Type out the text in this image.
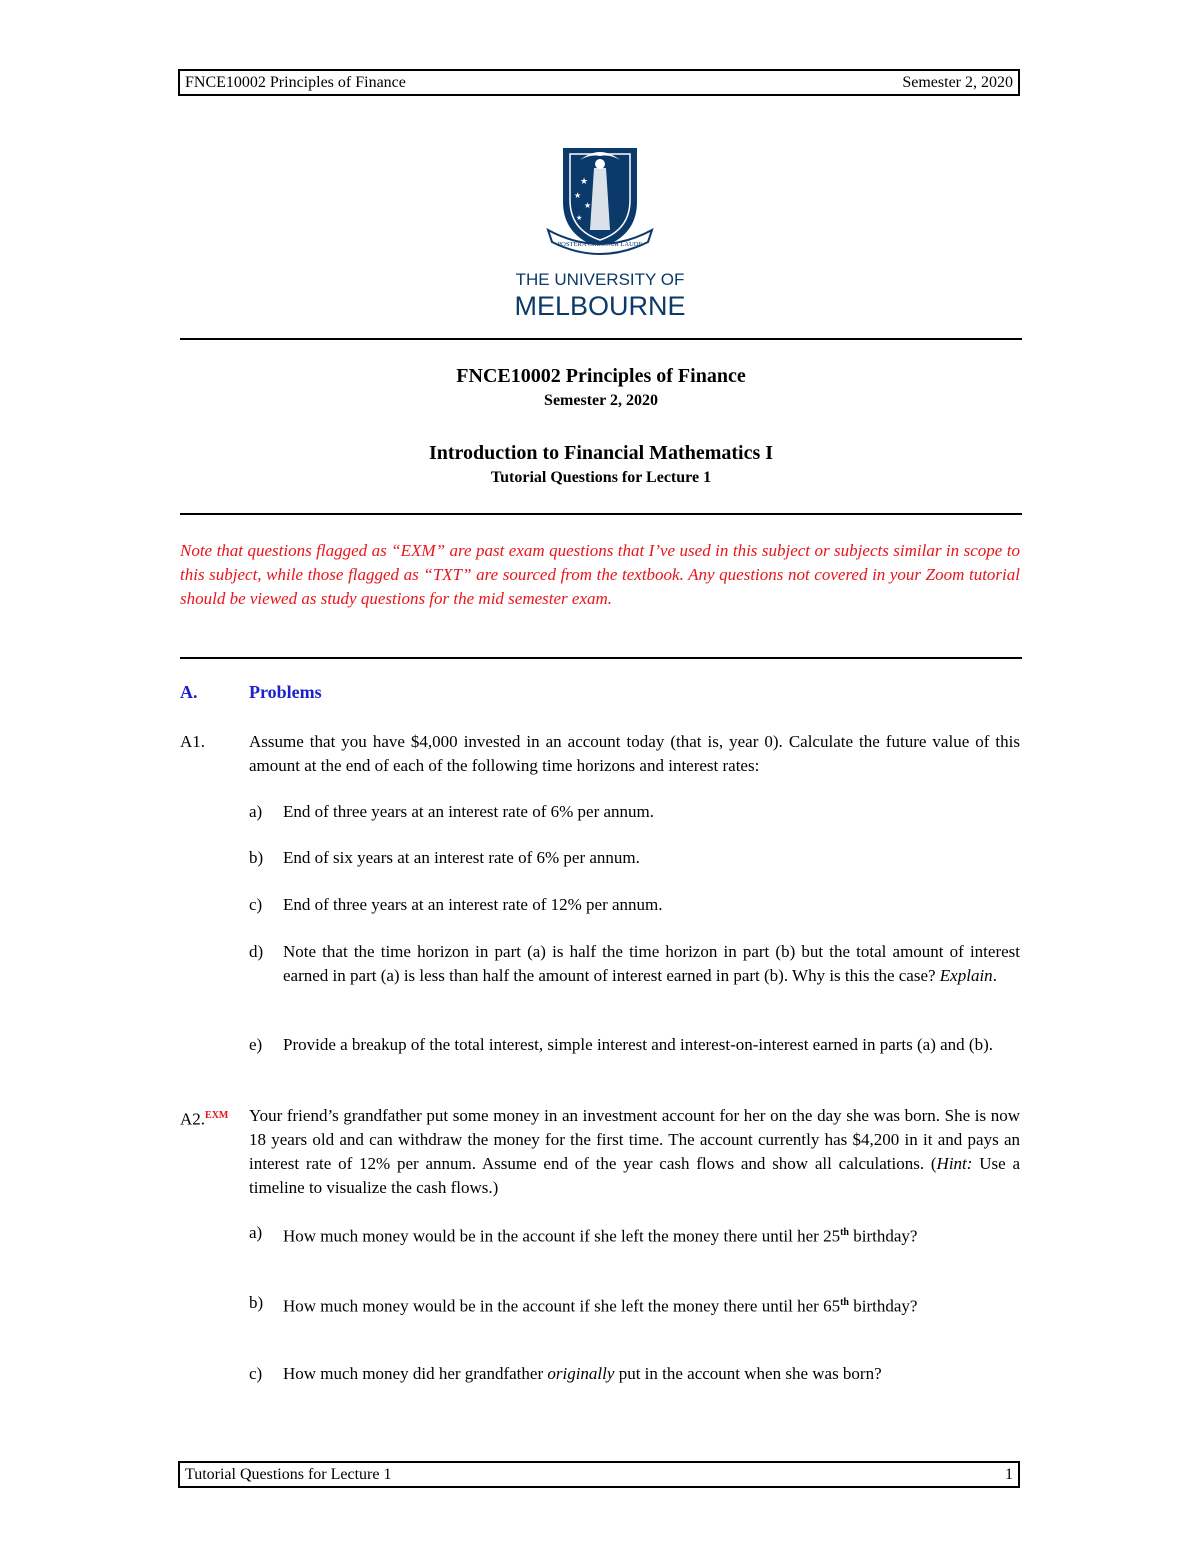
FNCE10002 Principles of Finance	Semester 2, 2020
★
★
★
★
POSTERA CRESCAM LAUDE
THE UNIVERSITY OF
MELBOURNE
FNCE10002 Principles of Finance
Semester 2, 2020
Introduction to Financial Mathematics I
Tutorial Questions for Lecture 1
Note that questions flagged as “EXM” are past exam questions that I’ve used in this subject or subjects similar in scope to this subject, while those flagged as “TXT” are sourced from the textbook. Any questions not covered in your Zoom tutorial should be viewed as study questions for the mid semester exam.
A.	Problems
A1.	Assume that you have $4,000 invested in an account today (that is, year 0). Calculate the future value of this amount at the end of each of the following time horizons and interest rates:
a) End of three years at an interest rate of 6% per annum.
b) End of six years at an interest rate of 6% per annum.
c) End of three years at an interest rate of 12% per annum.
d) Note that the time horizon in part (a) is half the time horizon in part (b) but the total amount of interest earned in part (a) is less than half the amount of interest earned in part (b). Why is this the case? Explain.
e) Provide a breakup of the total interest, simple interest and interest-on-interest earned in parts (a) and (b).
A2.$^{EXM}$ Your friend’s grandfather put some money in an investment account for her on the day she was born. She is now 18 years old and can withdraw the money for the first time. The account currently has $4,200 in it and pays an interest rate of 12% per annum. Assume end of the year cash flows and show all calculations. (Hint: Use a timeline to visualize the cash flows.)
a) How much money would be in the account if she left the money there until her 25th birthday?
b) How much money would be in the account if she left the money there until her 65th birthday?
c) How much money did her grandfather originally put in the account when she was born?
Tutorial Questions for Lecture 1	1
